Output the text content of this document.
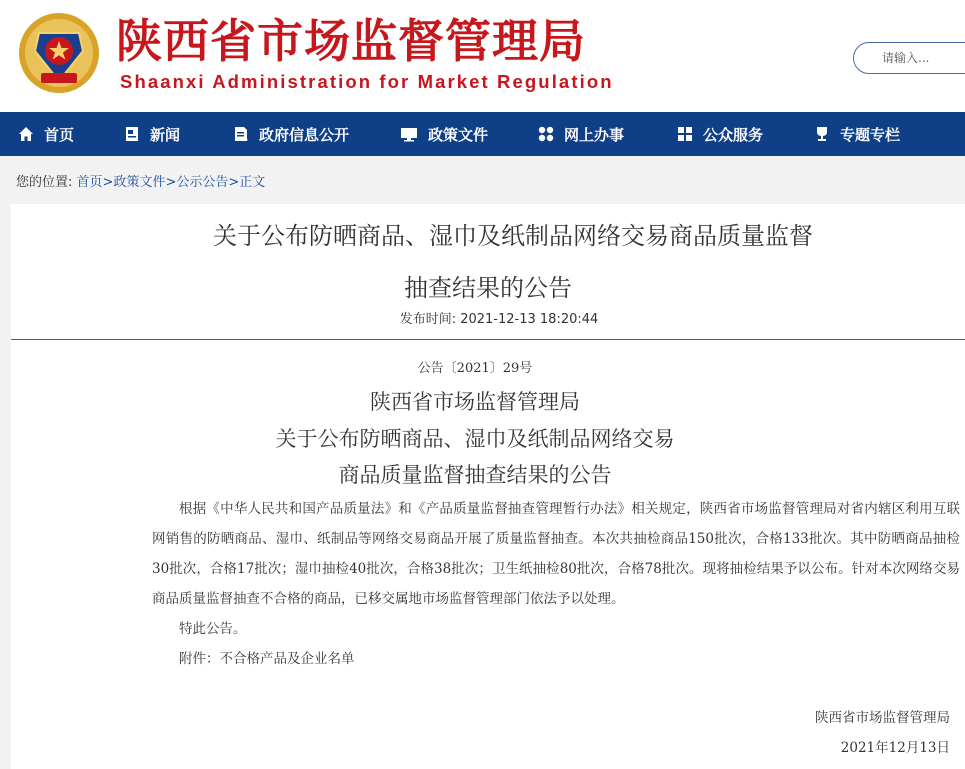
陕西省市场监督管理局
Shaanxi Administration for Market Regulation
请输入...
首页	新闻	政府信息公开	政策文件	网上办事	公众服务	专题专栏
您的位置: 首页>政策文件>公示公告>正文
关于公布防晒商品、湿巾及纸制品网络交易商品质量监督
抽查结果的公告
发布时间: 2021-12-13 18:20:44
公告〔2021〕29号
陕西省市场监督管理局
关于公布防晒商品、湿巾及纸制品网络交易
商品质量监督抽查结果的公告

根据《中华人民共和国产品质量法》和《产品质量监督抽查管理暂行办法》相关规定，陕西省市场监督管理局对省内辖区利用互联网销售的防晒商品、湿巾、纸制品等网络交易商品开展了质量监督抽查。本次共抽检商品150批次，合格133批次。其中防晒商品抽检30批次，合格17批次；湿巾抽检40批次，合格38批次；卫生纸抽检80批次，合格78批次。现将抽检结果予以公布。针对本次网络交易商品质量监督抽查不合格的商品，已移交属地市场监督管理部门依法予以处理。

特此公告。

附件：不合格产品及企业名单

陕西省市场监督管理局
2021年12月13日
